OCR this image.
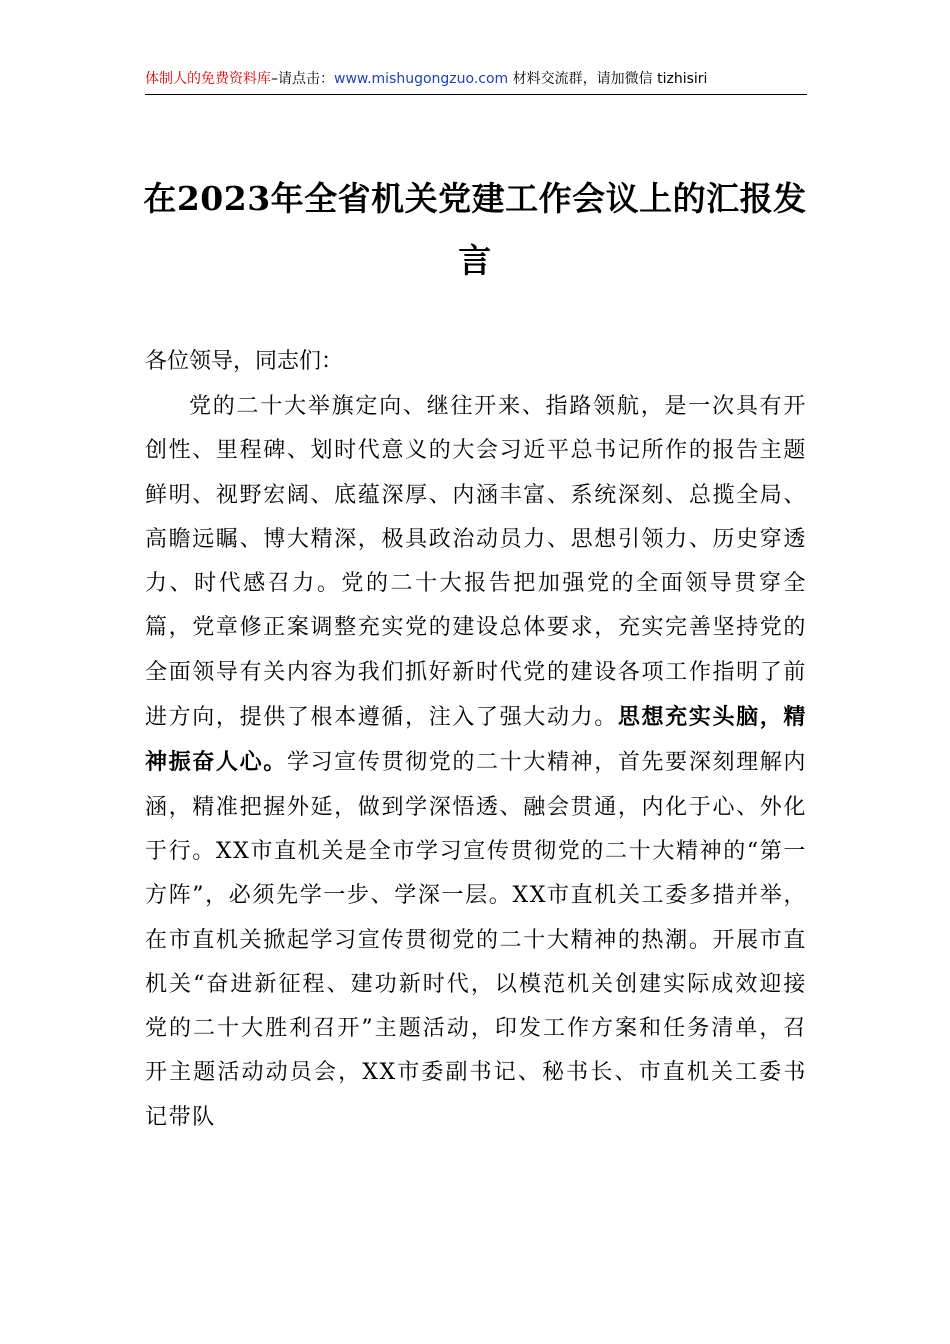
体制人的免费资料库–请点击：www.mishugongzuo.com 材料交流群，请加微信 tizhisiri
在2023年全省机关党建工作会议上的汇报发言
各位领导，同志们：
党的二十大举旗定向、继往开来、指路领航，是一次具有开创性、里程碑、划时代意义的大会习近平总书记所作的报告主题鲜明、视野宏阔、底蕴深厚、内涵丰富、系统深刻、总揽全局、高瞻远瞩、博大精深，极具政治动员力、思想引领力、历史穿透力、时代感召力。党的二十大报告把加强党的全面领导贯穿全篇，党章修正案调整充实党的建设总体要求，充实完善坚持党的全面领导有关内容为我们抓好新时代党的建设各项工作指明了前进方向，提供了根本遵循，注入了强大动力。思想充实头脑，精神振奋人心。学习宣传贯彻党的二十大精神，首先要深刻理解内涵，精准把握外延，做到学深悟透、融会贯通，内化于心、外化于行。XX市直机关是全市学习宣传贯彻党的二十大精神的“第一方阵”，必须先学一步、学深一层。XX市直机关工委多措并举，在市直机关掀起学习宣传贯彻党的二十大精神的热潮。开展市直机关“奋进新征程、建功新时代，以模范机关创建实际成效迎接党的二十大胜利召开”主题活动，印发工作方案和任务清单，召开主题活动动员会，XX市委副书记、秘书长、市直机关工委书记带队
